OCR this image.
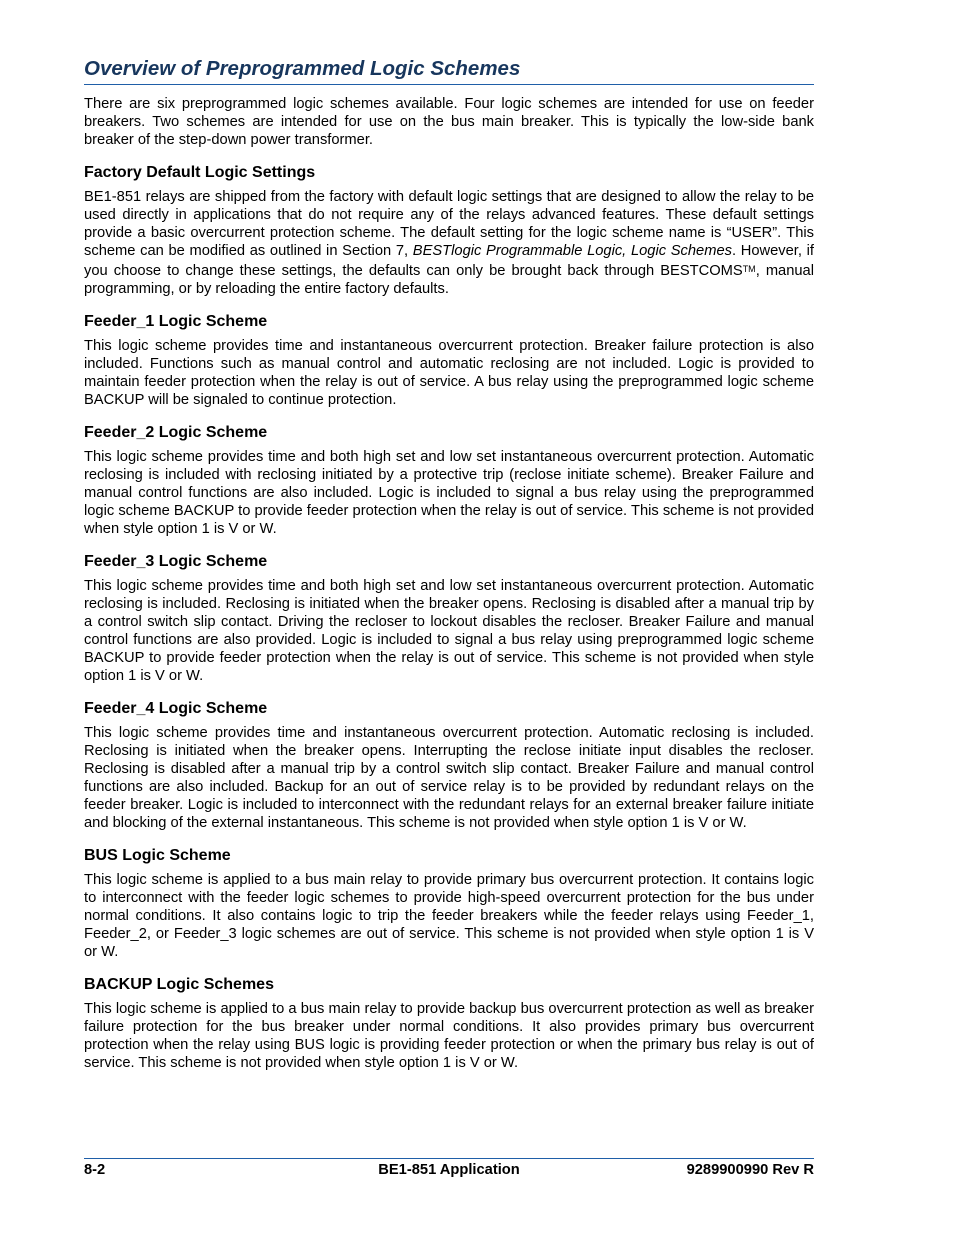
Overview of Preprogrammed Logic Schemes

There are six preprogrammed logic schemes available. Four logic schemes are intended for use on feeder breakers. Two schemes are intended for use on the bus main breaker. This is typically the low-side bank breaker of the step-down power transformer.

Factory Default Logic Settings

BE1-851 relays are shipped from the factory with default logic settings that are designed to allow the relay to be used directly in applications that do not require any of the relays advanced features. These default settings provide a basic overcurrent protection scheme. The default setting for the logic scheme name is “USER”. This scheme can be modified as outlined in Section 7, BESTlogic Programmable Logic, Logic Schemes. However, if you choose to change these settings, the defaults can only be brought back through BESTCOMS™, manual programming, or by reloading the entire factory defaults.

Feeder_1 Logic Scheme

This logic scheme provides time and instantaneous overcurrent protection. Breaker failure protection is also included. Functions such as manual control and automatic reclosing are not included. Logic is provided to maintain feeder protection when the relay is out of service. A bus relay using the preprogrammed logic scheme BACKUP will be signaled to continue protection.

Feeder_2 Logic Scheme

This logic scheme provides time and both high set and low set instantaneous overcurrent protection. Automatic reclosing is included with reclosing initiated by a protective trip (reclose initiate scheme). Breaker Failure and manual control functions are also included. Logic is included to signal a bus relay using the preprogrammed logic scheme BACKUP to provide feeder protection when the relay is out of service. This scheme is not provided when style option 1 is V or W.

Feeder_3 Logic Scheme

This logic scheme provides time and both high set and low set instantaneous overcurrent protection. Automatic reclosing is included. Reclosing is initiated when the breaker opens. Reclosing is disabled after a manual trip by a control switch slip contact. Driving the recloser to lockout disables the recloser. Breaker Failure and manual control functions are also provided. Logic is included to signal a bus relay using preprogrammed logic scheme BACKUP to provide feeder protection when the relay is out of service. This scheme is not provided when style option 1 is V or W.

Feeder_4 Logic Scheme

This logic scheme provides time and instantaneous overcurrent protection. Automatic reclosing is included. Reclosing is initiated when the breaker opens. Interrupting the reclose initiate input disables the recloser. Reclosing is disabled after a manual trip by a control switch slip contact. Breaker Failure and manual control functions are also included. Backup for an out of service relay is to be provided by redundant relays on the feeder breaker. Logic is included to interconnect with the redundant relays for an external breaker failure initiate and blocking of the external instantaneous. This scheme is not provided when style option 1 is V or W.

BUS Logic Scheme

This logic scheme is applied to a bus main relay to provide primary bus overcurrent protection. It contains logic to interconnect with the feeder logic schemes to provide high-speed overcurrent protection for the bus under normal conditions. It also contains logic to trip the feeder breakers while the feeder relays using Feeder_1, Feeder_2, or Feeder_3 logic schemes are out of service. This scheme is not provided when style option 1 is V or W.

BACKUP Logic Schemes

This logic scheme is applied to a bus main relay to provide backup bus overcurrent protection as well as breaker failure protection for the bus breaker under normal conditions. It also provides primary bus overcurrent protection when the relay using BUS logic is providing feeder protection or when the primary bus relay is out of service. This scheme is not provided when style option 1 is V or W.

8-2	BE1-851 Application	9289900990 Rev R
